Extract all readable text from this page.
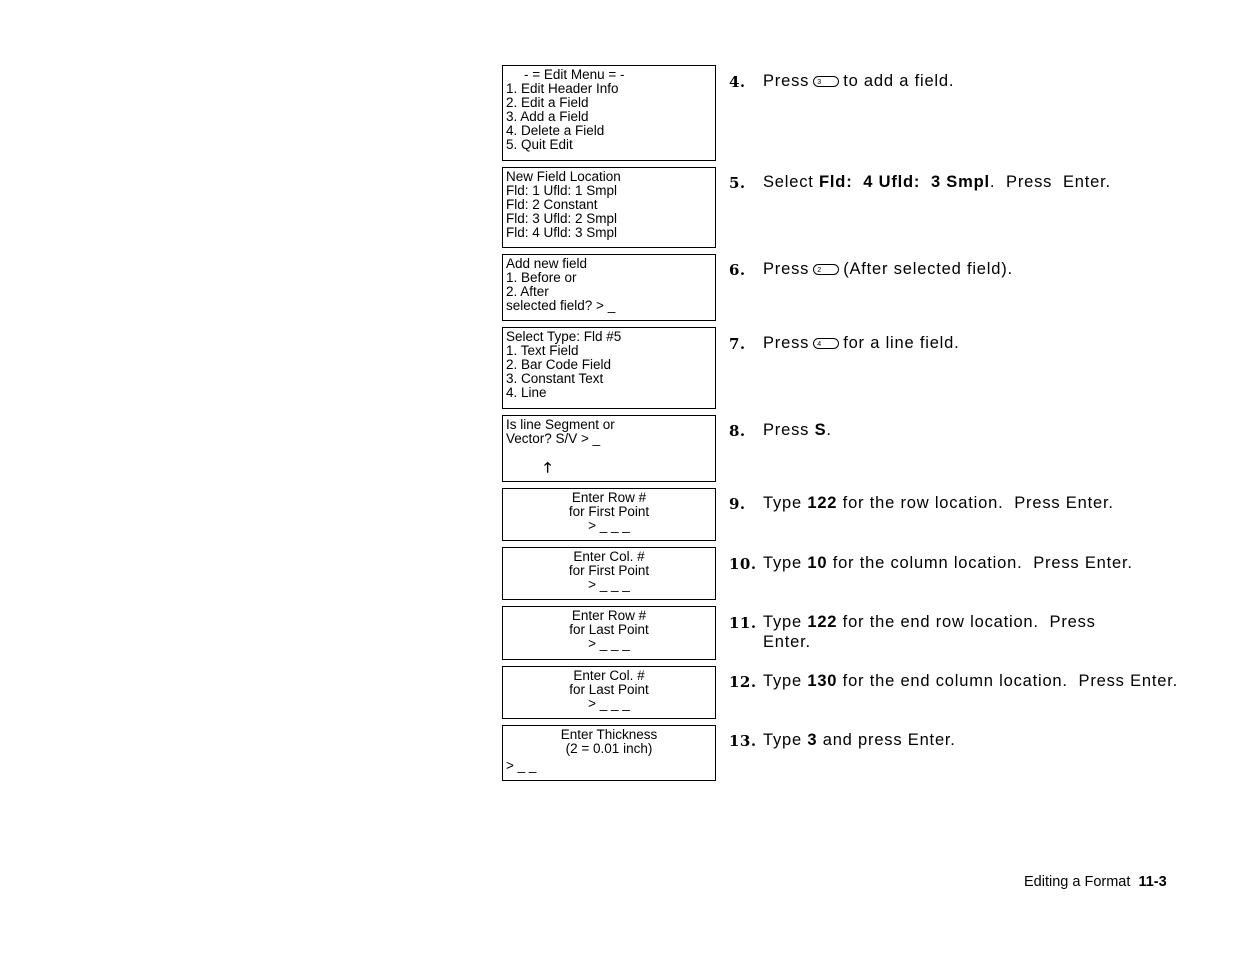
- = Edit Menu = -
1. Edit Header Info
2. Edit a Field
3. Add a Field
4. Delete a Field
5. Quit Edit
New Field Location
Fld: 1 Ufld: 1 Smpl
Fld: 2 Constant
Fld: 3 Ufld: 2 Smpl
Fld: 4 Ufld: 3 Smpl
Add new field
1. Before or
2. After
selected field? > _
Select Type: Fld #5
1. Text Field
2. Bar Code Field
3. Constant Text
4. Line
Is line Segment or
Vector? S/V > _
🡑
Enter Row #
for First Point
> _ _ _
Enter Col. #
for First Point
> _ _ _
Enter Row #
for Last Point
> _ _ _
Enter Col. #
for Last Point
> _ _ _
Enter Thickness
(2 = 0.01 inch)
> _ _
4. Press 3 to add a field.
5. Select Fld:  4 Ufld:  3 Smpl.  Press  Enter.
6. Press 2 (After selected field).
7. Press 4 for a line field.
8. Press S.
9. Type 122 for the row location.  Press Enter.
10. Type 10 for the column location.  Press Enter.
11. Type 122 for the end row location.  Press Enter.
12. Type 130 for the end column location.  Press Enter.
13. Type 3 and press Enter.
Editing a Format 11-3
